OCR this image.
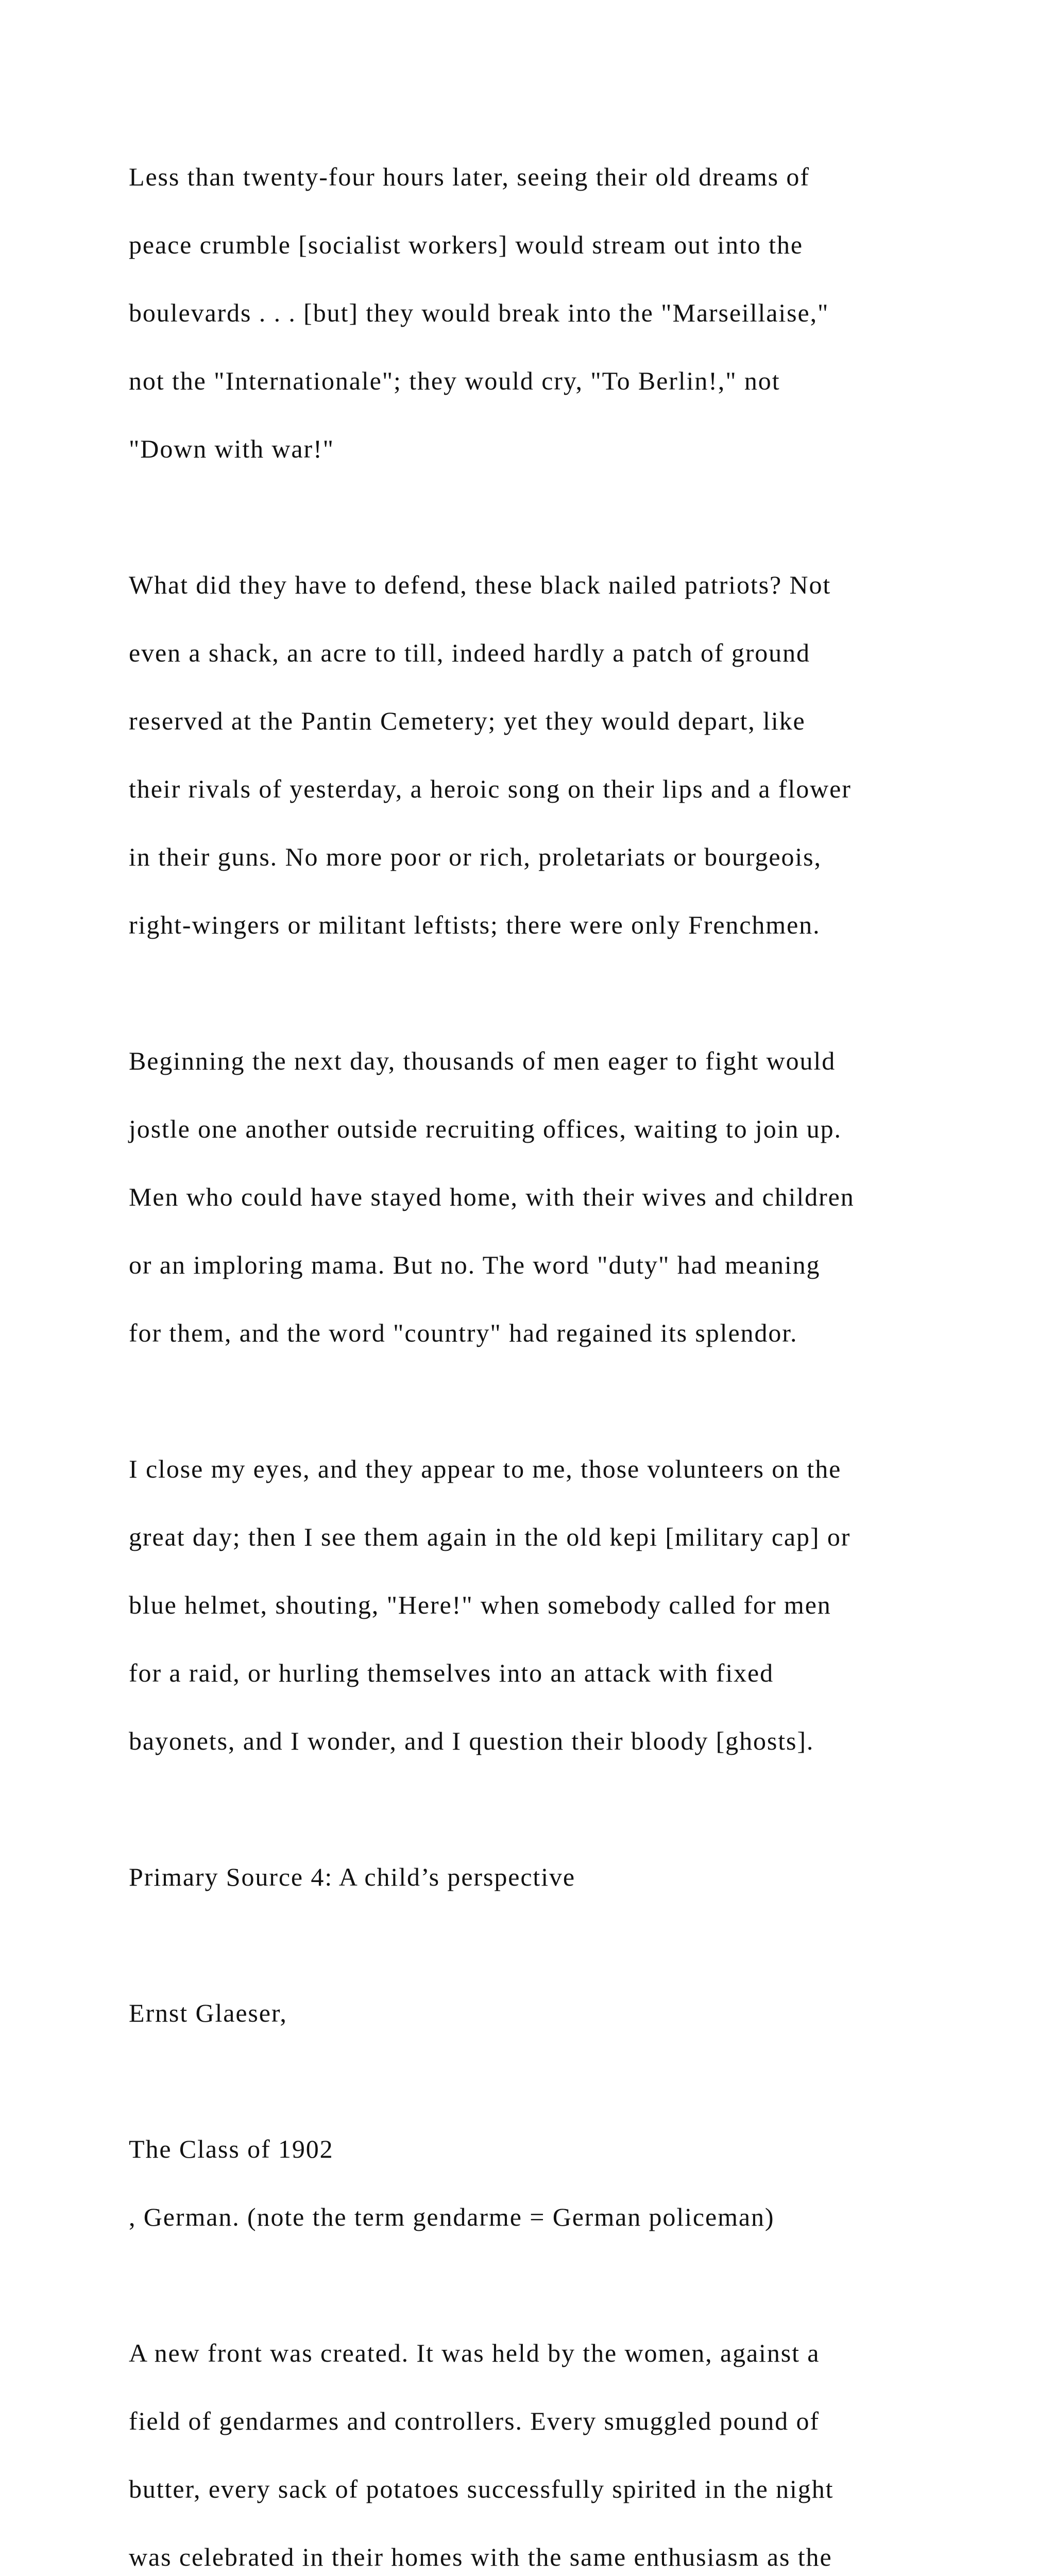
Less than twenty-four hours later, seeing their old dreams of

peace crumble [socialist workers] would stream out into the

boulevards . . . [but] they would break into the "Marseillaise,"

not the "Internationale"; they would cry, "To Berlin!," not

"Down with war!"

What did they have to defend, these black nailed patriots? Not

even a shack, an acre to till, indeed hardly a patch of ground

reserved at the Pantin Cemetery; yet they would depart, like

their rivals of yesterday, a heroic song on their lips and a flower

in their guns. No more poor or rich, proletariats or bourgeois,

right-wingers or militant leftists; there were only Frenchmen.

Beginning the next day, thousands of men eager to fight would

jostle one another outside recruiting offices, waiting to join up.

Men who could have stayed home, with their wives and children

or an imploring mama. But no. The word "duty" had meaning

for them, and the word "country" had regained its splendor.

I close my eyes, and they appear to me, those volunteers on the

great day; then I see them again in the old kepi [military cap] or

blue helmet, shouting, "Here!" when somebody called for men

for a raid, or hurling themselves into an attack with fixed

bayonets, and I wonder, and I question their bloody [ghosts].

Primary Source 4: A child’s perspective

Ernst Glaeser,

The Class of 1902

, German. (note the term gendarme = German policeman)

A new front was created. It was held by the women, against a

field of gendarmes and controllers. Every smuggled pound of

butter, every sack of potatoes successfully spirited in the night

was celebrated in their homes with the same enthusiasm as the
